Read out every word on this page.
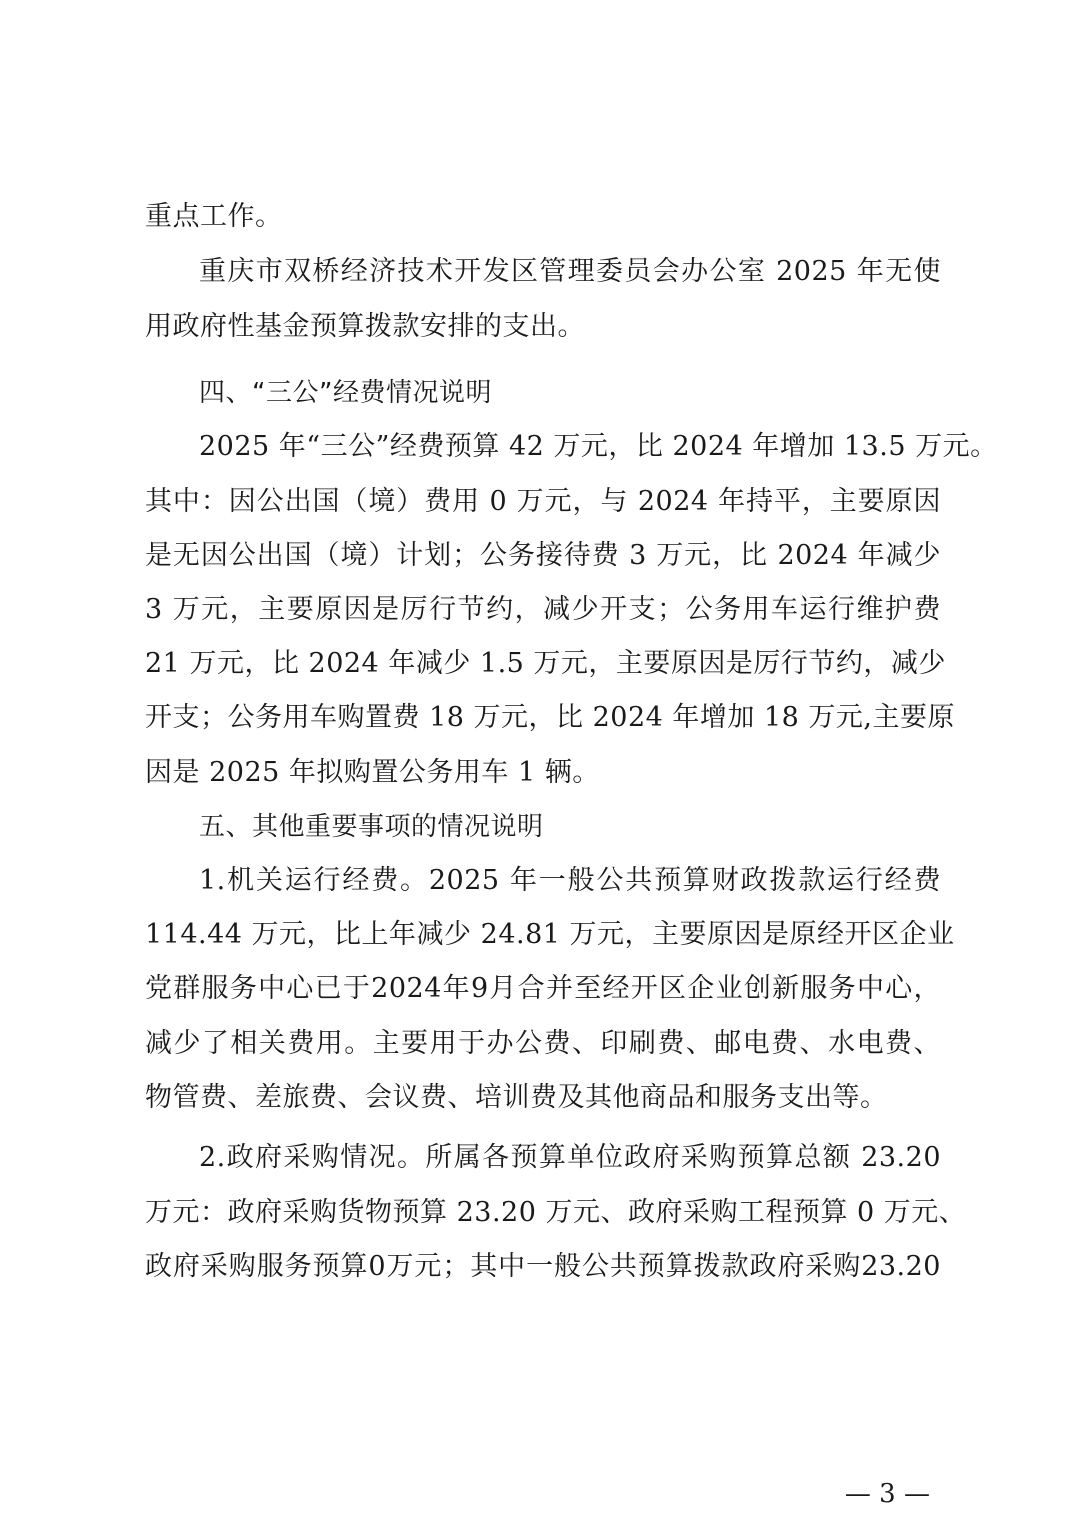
重点工作。

重庆市双桥经济技术开发区管理委员会办公室 2025 年无使

用政府性基金预算拨款安排的支出。

四、“三公”经费情况说明

2025 年“三公”经费预算 42 万元，比 2024 年增加 13.5 万元。

其中：因公出国（境）费用 0 万元，与 2024 年持平，主要原因

是无因公出国（境）计划；公务接待费 3 万元，比 2024 年减少

3 万元，主要原因是厉行节约，减少开支；公务用车运行维护费

21 万元，比 2024 年减少 1.5 万元，主要原因是厉行节约，减少

开支；公务用车购置费 18 万元，比 2024 年增加 18 万元,主要原

因是 2025 年拟购置公务用车 1 辆。

五、其他重要事项的情况说明

1.机关运行经费。2025 年一般公共预算财政拨款运行经费

114.44 万元，比上年减少 24.81 万元，主要原因是原经开区企业

党群服务中心已于2024年9月合并至经开区企业创新服务中心，

减少了相关费用。主要用于办公费、印刷费、邮电费、水电费、

物管费、差旅费、会议费、培训费及其他商品和服务支出等。

2.政府采购情况。所属各预算单位政府采购预算总额 23.20

万元：政府采购货物预算 23.20 万元、政府采购工程预算 0 万元、

政府采购服务预算0万元；其中一般公共预算拨款政府采购23.20

— 3 —
